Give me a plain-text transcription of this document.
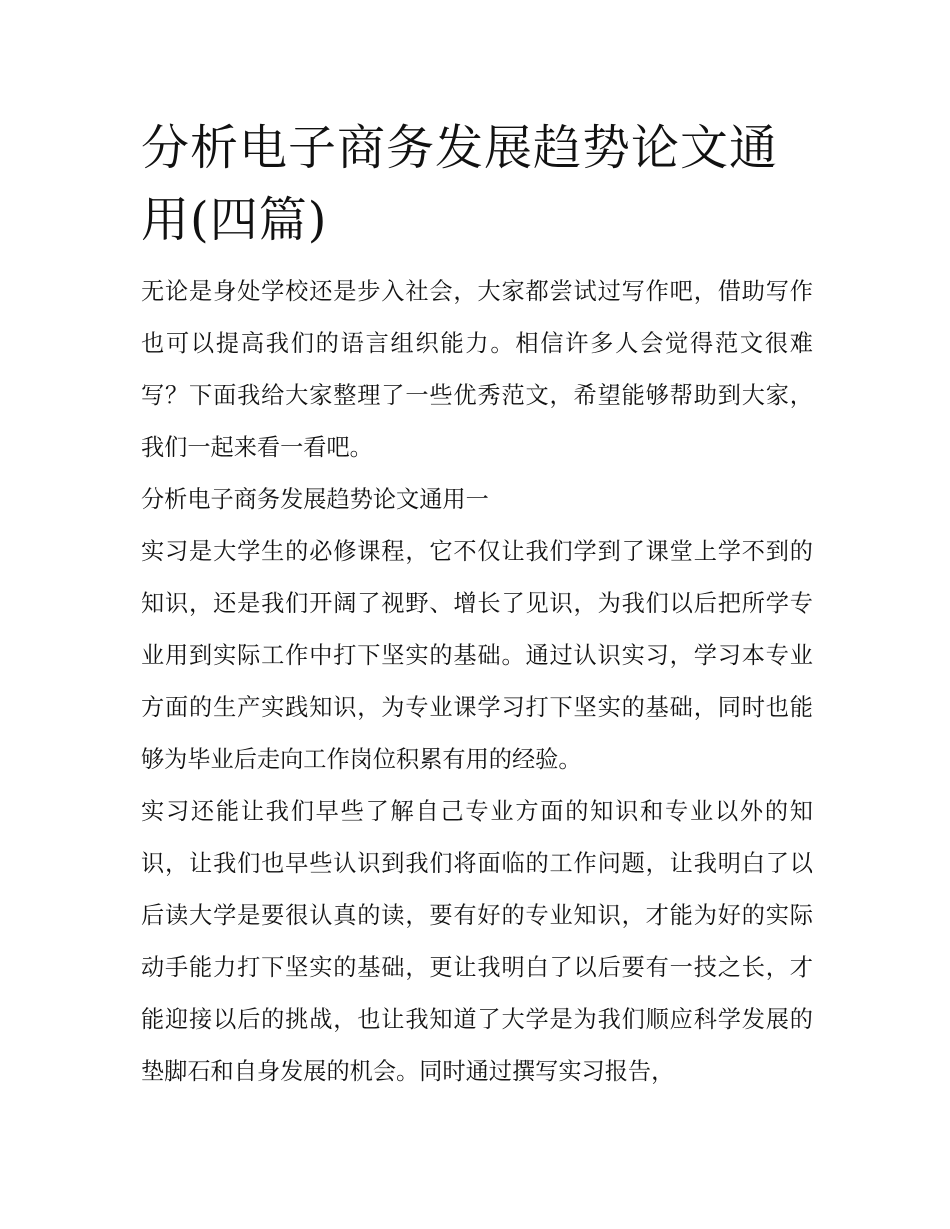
分析电子商务发展趋势论文通用(四篇)

无论是身处学校还是步入社会，大家都尝试过写作吧，借助写作也可以提高我们的语言组织能力。相信许多人会觉得范文很难写？下面我给大家整理了一些优秀范文，希望能够帮助到大家，我们一起来看一看吧。

分析电子商务发展趋势论文通用一

实习是大学生的必修课程，它不仅让我们学到了课堂上学不到的知识，还是我们开阔了视野、增长了见识，为我们以后把所学专业用到实际工作中打下坚实的基础。通过认识实习，学习本专业方面的生产实践知识，为专业课学习打下坚实的基础，同时也能够为毕业后走向工作岗位积累有用的经验。

实习还能让我们早些了解自己专业方面的知识和专业以外的知识，让我们也早些认识到我们将面临的工作问题，让我明白了以后读大学是要很认真的读，要有好的专业知识，才能为好的实际动手能力打下坚实的基础，更让我明白了以后要有一技之长，才能迎接以后的挑战，也让我知道了大学是为我们顺应科学发展的垫脚石和自身发展的机会。同时通过撰写实习报告，
